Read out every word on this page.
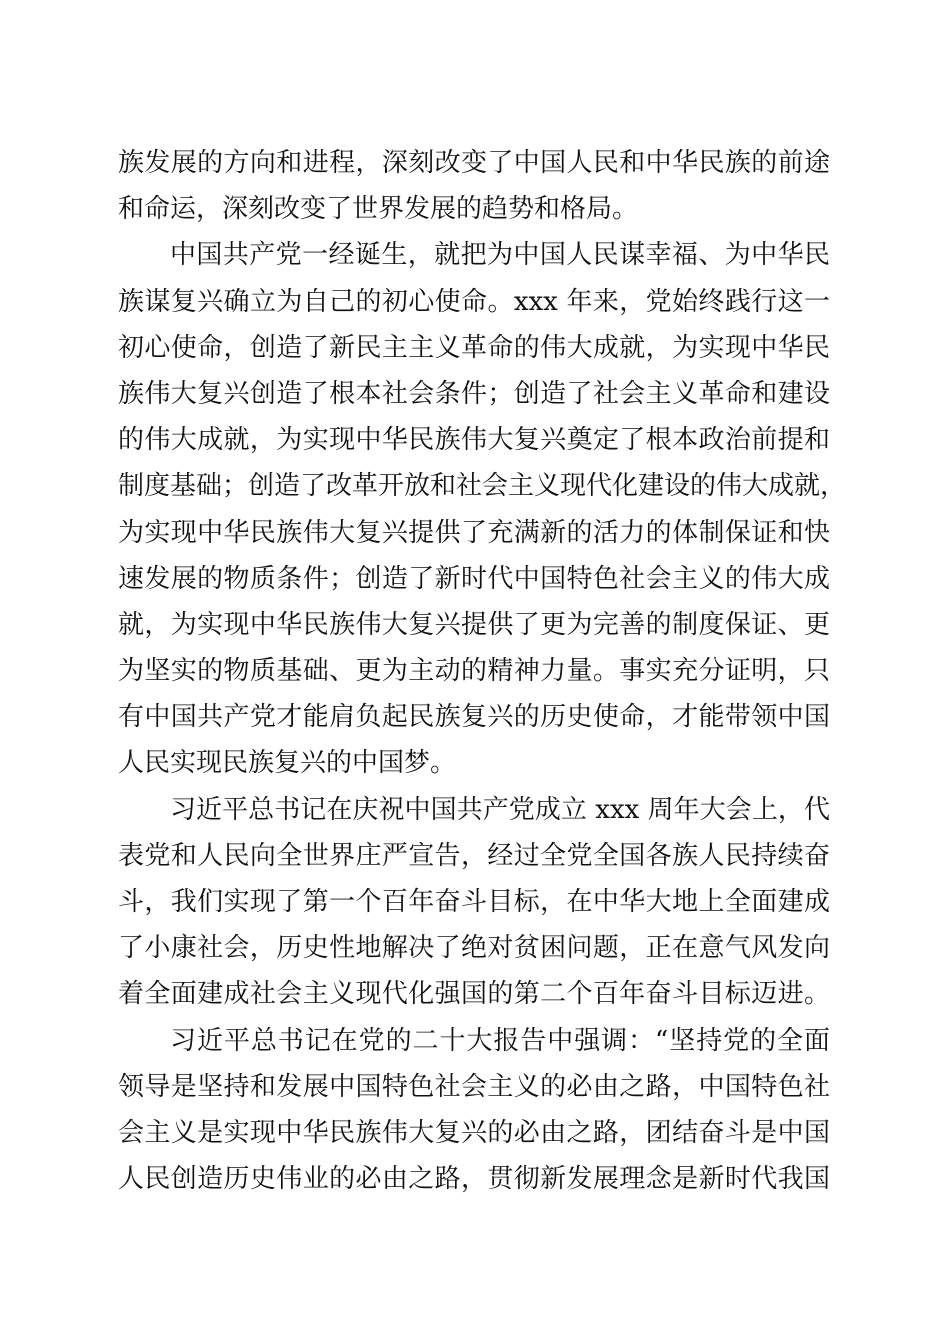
族发展的方向和进程，深刻改变了中国人民和中华民族的前途
和命运，深刻改变了世界发展的趋势和格局。
中国共产党一经诞生，就把为中国人民谋幸福、为中华民
族谋复兴确立为自己的初心使命。xxx 年来，党始终践行这一
初心使命，创造了新民主主义革命的伟大成就，为实现中华民
族伟大复兴创造了根本社会条件；创造了社会主义革命和建设
的伟大成就，为实现中华民族伟大复兴奠定了根本政治前提和
制度基础；创造了改革开放和社会主义现代化建设的伟大成就，
为实现中华民族伟大复兴提供了充满新的活力的体制保证和快
速发展的物质条件；创造了新时代中国特色社会主义的伟大成
就，为实现中华民族伟大复兴提供了更为完善的制度保证、更
为坚实的物质基础、更为主动的精神力量。事实充分证明，只
有中国共产党才能肩负起民族复兴的历史使命，才能带领中国
人民实现民族复兴的中国梦。
习近平总书记在庆祝中国共产党成立 xxx 周年大会上，代
表党和人民向全世界庄严宣告，经过全党全国各族人民持续奋
斗，我们实现了第一个百年奋斗目标，在中华大地上全面建成
了小康社会，历史性地解决了绝对贫困问题，正在意气风发向
着全面建成社会主义现代化强国的第二个百年奋斗目标迈进。
习近平总书记在党的二十大报告中强调：“坚持党的全面
领导是坚持和发展中国特色社会主义的必由之路，中国特色社
会主义是实现中华民族伟大复兴的必由之路，团结奋斗是中国
人民创造历史伟业的必由之路，贯彻新发展理念是新时代我国
